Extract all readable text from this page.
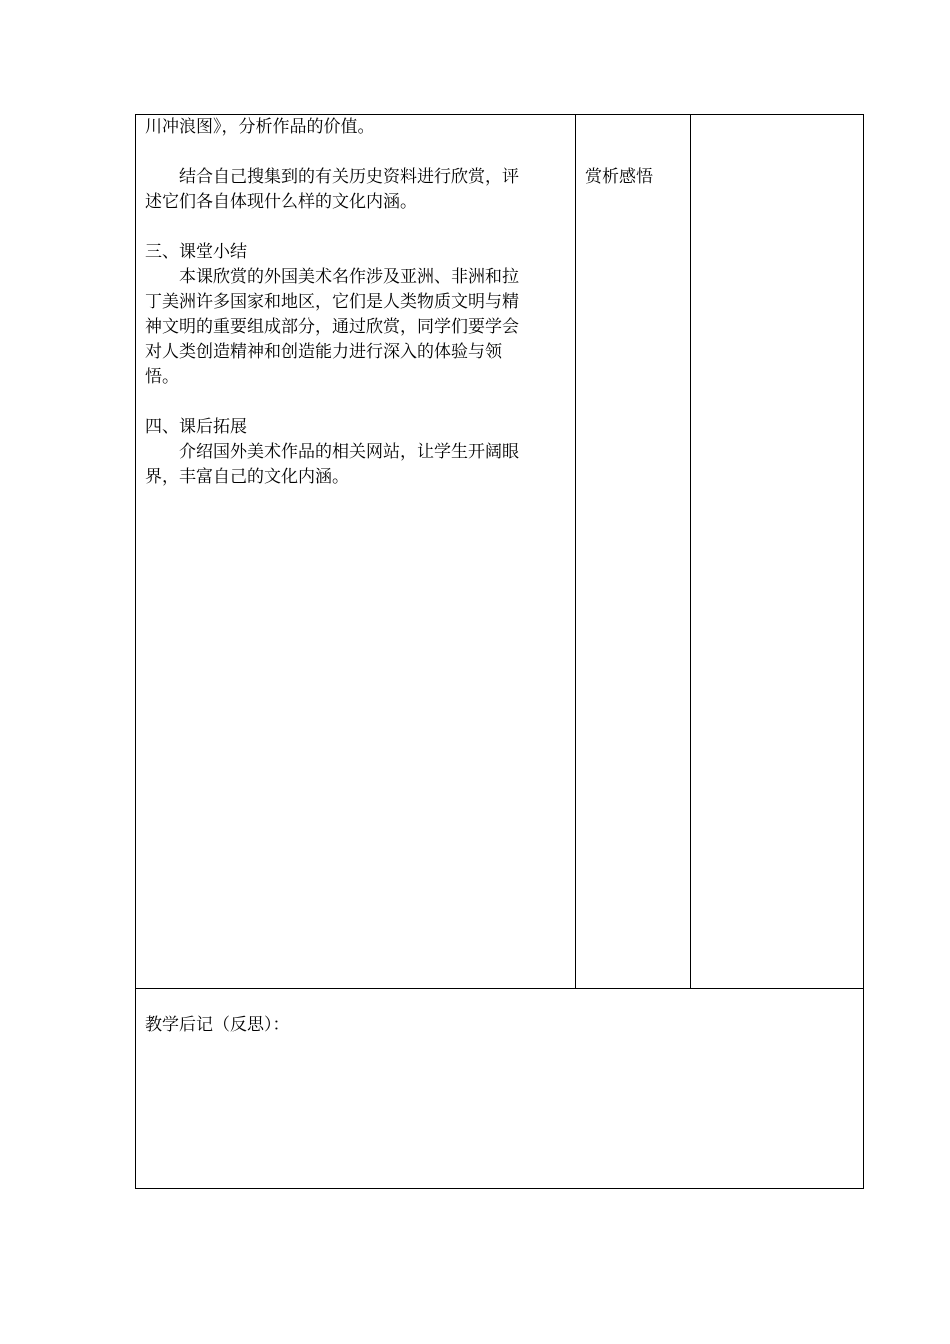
川冲浪图》，分析作品的价值。
结合自己搜集到的有关历史资料进行欣赏，评
述它们各自体现什么样的文化内涵。
三、课堂小结
本课欣赏的外国美术名作涉及亚洲、非洲和拉
丁美洲许多国家和地区，它们是人类物质文明与精
神文明的重要组成部分，通过欣赏，同学们要学会
对人类创造精神和创造能力进行深入的体验与领
悟。
四、课后拓展
介绍国外美术作品的相关网站，让学生开阔眼
界，丰富自己的文化内涵。
赏析感悟
教学后记（反思）：
